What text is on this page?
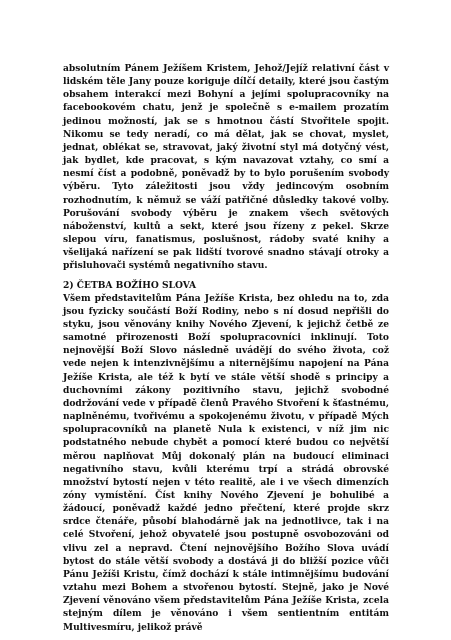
absolutním Pánem Ježíšem Kristem, Jehož/Jejíž relativní část v lidském těle Jany pouze koriguje dílčí detaily, které jsou častým obsahem interakcí mezi Bohyní a jejími spolupracovníky na facebookovém chatu, jenž je společně s e-mailem prozatím jedinou možností, jak se s hmotnou částí Stvořitele spojit. Nikomu se tedy neradí, co má dělat, jak se chovat, myslet, jednat, oblékat se, stravovat, jaký životní styl má dotyčný vést, jak bydlet, kde pracovat, s kým navazovat vztahy, co smí a nesmí číst a podobně, poněvadž by to bylo porušením svobody výběru. Tyto záležitosti jsou vždy jedincovým osobním rozhodnutím, k němuž se váží patřičné důsledky takové volby. Porušování svobody výběru je znakem všech světových náboženství, kultů a sekt, které jsou řízeny z pekel. Skrze slepou víru, fanatismus, poslušnost, rádoby svaté knihy a všelijaká nařízení se pak lidští tvorové snadno stávají otroky a přisluhovači systémů negativního stavu.

2) ČETBA BOŽÍHO SLOVA

Všem představitelům Pána Ježíše Krista, bez ohledu na to, zda jsou fyzicky součástí Boží Rodiny, nebo s ní dosud nepřišli do styku, jsou věnovány knihy Nového Zjevení, k jejichž četbě ze samotné přirozenosti Boží spolupracovníci inklinují. Toto nejnovější Boží Slovo následně uvádějí do svého života, což vede nejen k intenzivnějšímu a niternějšímu napojení na Pána Ježíše Krista, ale též k bytí ve stále větší shodě s principy a duchovními zákony pozitivního stavu, jejichž svobodné dodržování vede v případě členů Pravého Stvoření k šťastnému, naplněnému, tvořivému a spokojenému životu, v případě Mých spolupracovníků na planetě Nula k existenci, v níž jim nic podstatného nebude chybět a pomocí které budou co největší měrou naplňovat Můj dokonalý plán na budoucí eliminaci negativního stavu, kvůli kterému trpí a strádá obrovské množství bytostí nejen v této realitě, ale i ve všech dimenzích zóny vymístění. Číst knihy Nového Zjevení je bohulibé a žádoucí, poněvadž každé jedno přečtení, které projde skrz srdce čtenáře, působí blahodárně jak na jednotlivce, tak i na celé Stvoření, jehož obyvatelé jsou postupně osvobozováni od vlivu zel a nepravd. Čtení nejnovějšího Božího Slova uvádí bytost do stále větší svobody a dostává ji do bližší pozice vůči Pánu Ježíši Kristu, čímž dochází k stále intimnějšímu budování vztahu mezi Bohem a stvořenou bytostí. Stejně, jako je Nové Zjevení věnováno všem představitelům Pána Ježíše Krista, zcela stejným dílem je věnováno i všem sentientním entitám Multivesmíru, jelikož právě
